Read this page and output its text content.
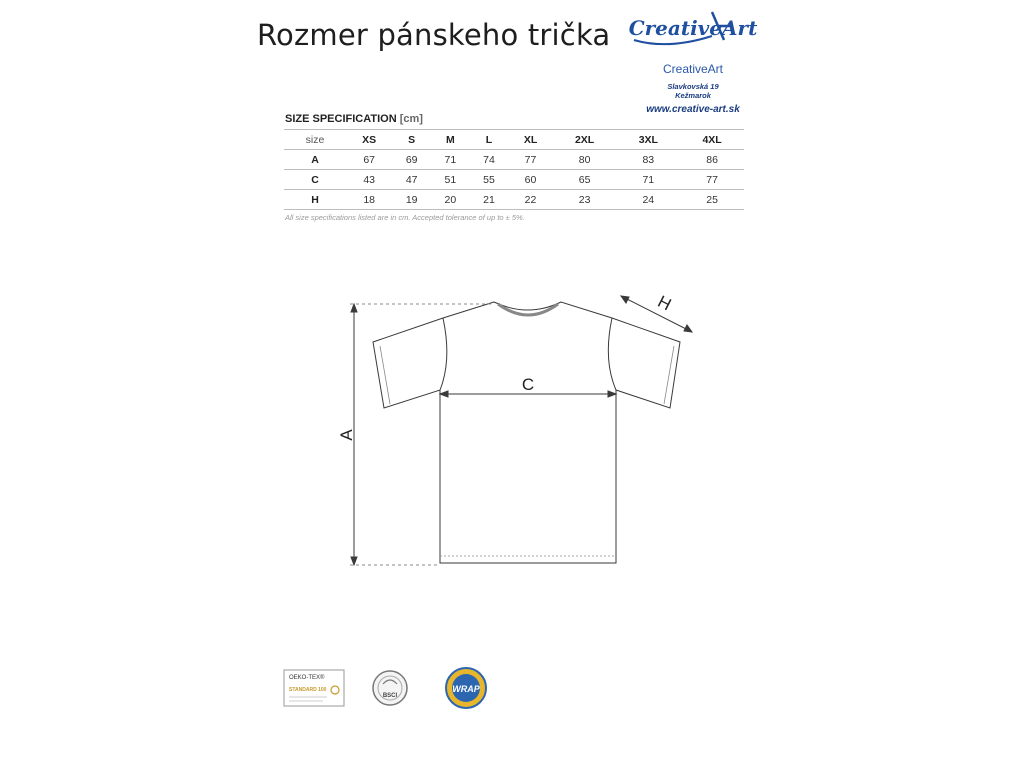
Rozmer pánskeho trička CreativeArt
CreativeArt
Slavkovská 19
Kežmarok
www.creative-art.sk
SIZE SPECIFICATION [cm]
size	XS	S	M	L	XL	2XL	3XL	4XL
A	67	69	71	74	77	80	83	86
C	43	47	51	55	60	65	71	77
H	18	19	20	21	22	23	24	25
All size specifications listed are in cm. Accepted tolerance of up to ± 5%.
A
C
H
OEKO-TEX®
STANDARD 100
BSCI
WRAP
